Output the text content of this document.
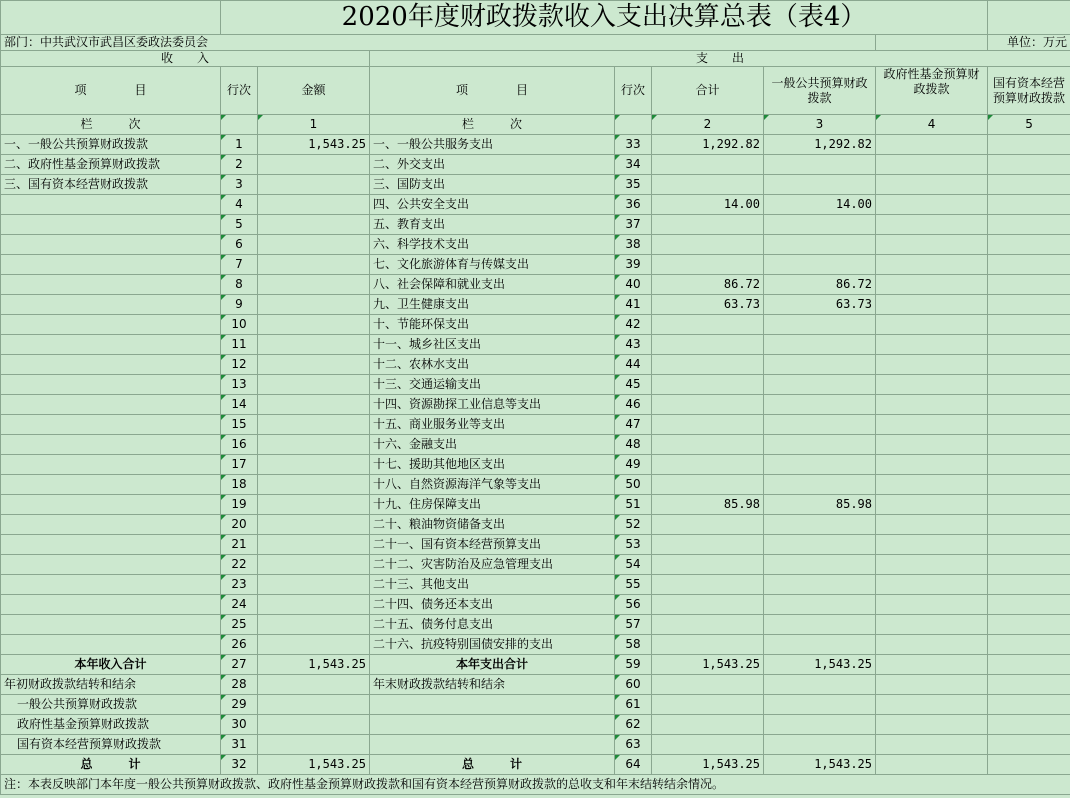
	2020年度财政拨款收入支出决算总表（表4）							
部门：中共武汉市武昌区委政法委员会								单位：万元
收　　入			支　　出					
项　　　　目	行次	金额	项　　　　目	行次	合计	一般公共预算财政拨款	政府性基金预算财政拨款	国有资本经营预算财政拨款
栏　　　次		1	栏　　　次		2	3	4	5
一、一般公共预算财政拨款	1	1,543.25	一、一般公共服务支出	33	1,292.82	1,292.82		
二、政府性基金预算财政拨款	2		二、外交支出	34				
三、国有资本经营财政拨款	3		三、国防支出	35				
	4		四、公共安全支出	36	14.00	14.00		
	5		五、教育支出	37				
	6		六、科学技术支出	38				
	7		七、文化旅游体育与传媒支出	39				
	8		八、社会保障和就业支出	40	86.72	86.72		
	9		九、卫生健康支出	41	63.73	63.73		
	10		十、节能环保支出	42				
	11		十一、城乡社区支出	43				
	12		十二、农林水支出	44				
	13		十三、交通运输支出	45				
	14		十四、资源勘探工业信息等支出	46				
	15		十五、商业服务业等支出	47				
	16		十六、金融支出	48				
	17		十七、援助其他地区支出	49				
	18		十八、自然资源海洋气象等支出	50				
	19		十九、住房保障支出	51	85.98	85.98		
	20		二十、粮油物资储备支出	52				
	21		二十一、国有资本经营预算支出	53				
	22		二十二、灾害防治及应急管理支出	54				
	23		二十三、其他支出	55				
	24		二十四、债务还本支出	56				
	25		二十五、债务付息支出	57				
	26		二十六、抗疫特别国债安排的支出	58				
本年收入合计	27	1,543.25	本年支出合计	59	1,543.25	1,543.25		
年初财政拨款结转和结余	28		年末财政拨款结转和结余	60				
一般公共预算财政拨款	29			61				
政府性基金预算财政拨款	30			62				
国有资本经营预算财政拨款	31			63				
总　　　计	32	1,543.25	总　　　计	64	1,543.25	1,543.25		
注：本表反映部门本年度一般公共预算财政拨款、政府性基金预算财政拨款和国有资本经营预算财政拨款的总收支和年末结转结余情况。								
